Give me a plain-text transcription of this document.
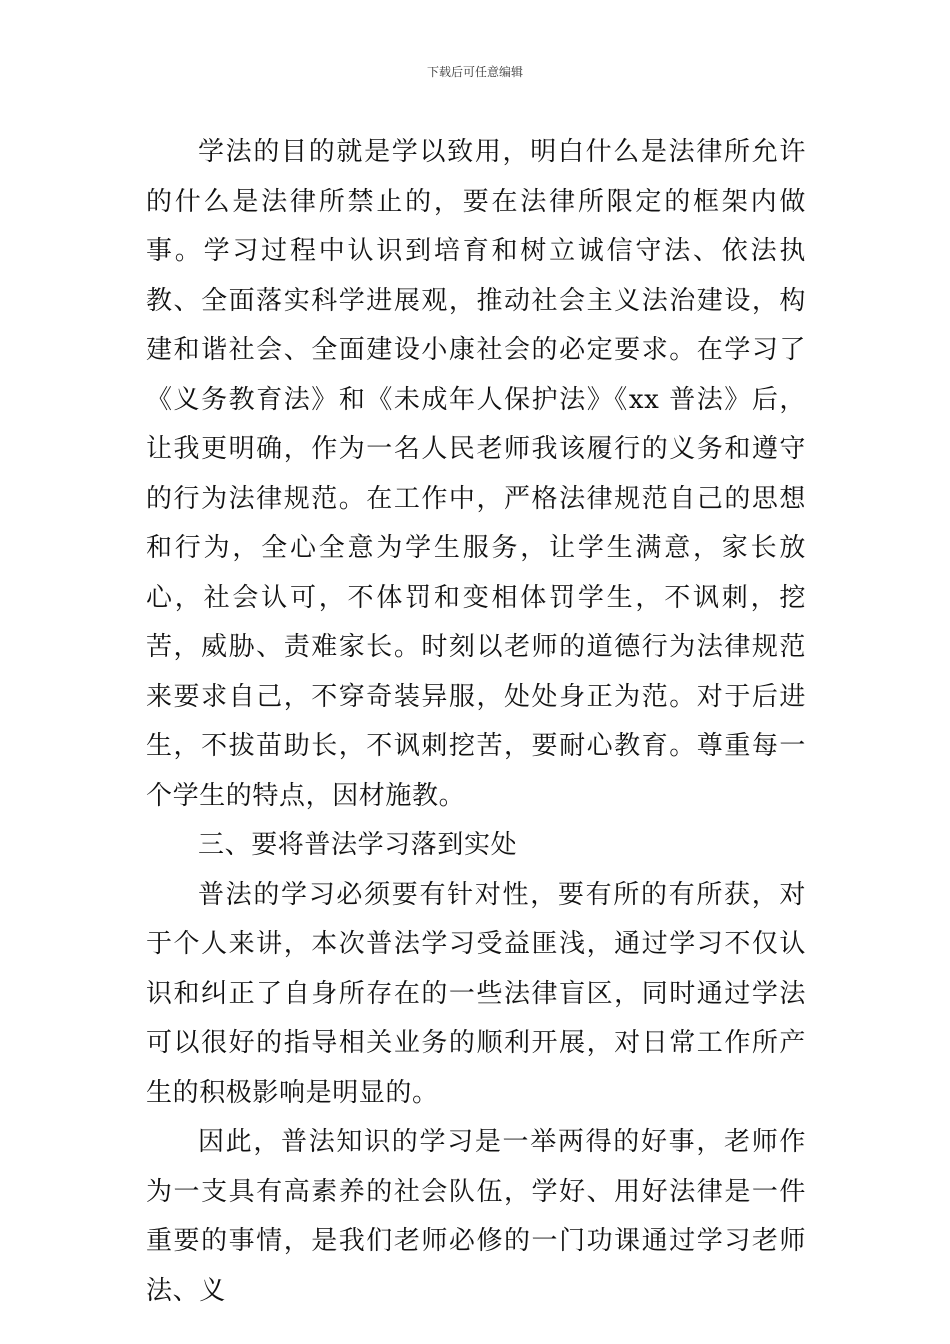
下载后可任意编辑

学法的目的就是学以致用，明白什么是法律所允许的什么是法律所禁止的，要在法律所限定的框架内做事。学习过程中认识到培育和树立诚信守法、依法执教、全面落实科学进展观，推动社会主义法治建设，构建和谐社会、全面建设小康社会的必定要求。在学习了《义务教育法》和《未成年人保护法》《xx 普法》后，让我更明确，作为一名人民老师我该履行的义务和遵守的行为法律规范。在工作中，严格法律规范自己的思想和行为，全心全意为学生服务，让学生满意，家长放心，社会认可，不体罚和变相体罚学生，不讽刺，挖苦，威胁、责难家长。时刻以老师的道德行为法律规范来要求自己，不穿奇装异服，处处身正为范。对于后进生，不拔苗助长，不讽刺挖苦，要耐心教育。尊重每一个学生的特点，因材施教。

三、要将普法学习落到实处

普法的学习必须要有针对性，要有所的有所获，对于个人来讲，本次普法学习受益匪浅，通过学习不仅认识和纠正了自身所存在的一些法律盲区，同时通过学法可以很好的指导相关业务的顺利开展，对日常工作所产生的积极影响是明显的。

因此，普法知识的学习是一举两得的好事，老师作为一支具有高素养的社会队伍，学好、用好法律是一件重要的事情，是我们老师必修的一门功课通过学习老师法、义
